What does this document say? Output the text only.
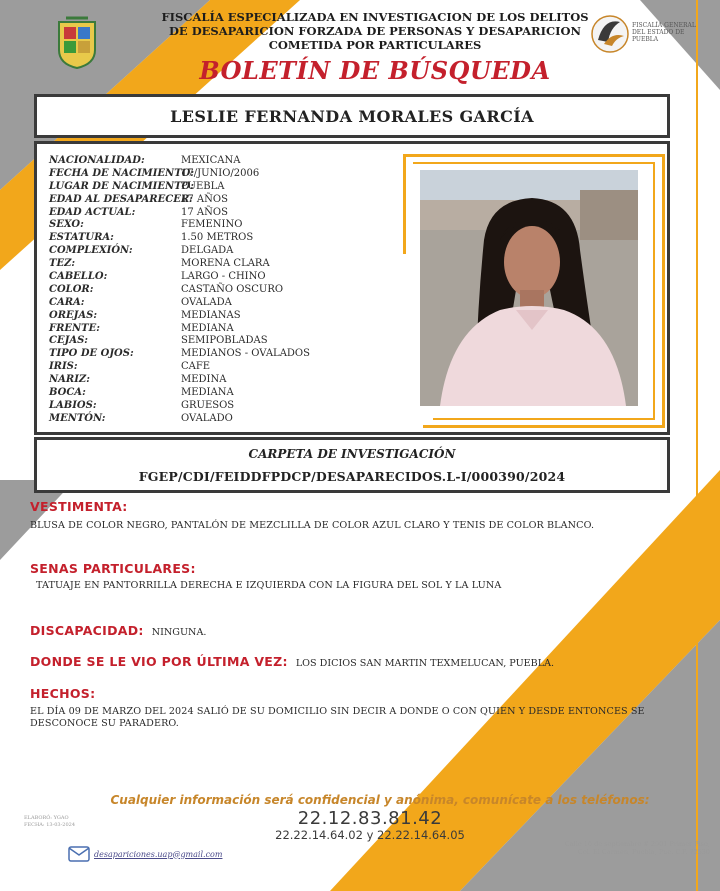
FISCALÍA ESPECIALIZADA EN INVESTIGACION DE LOS DELITOS
DE DESAPARICION FORZADA DE PERSONAS Y DESAPARICION
COMETIDA POR PARTICULARES
BOLETÍN DE BÚSQUEDA
FISCALÍA GENERAL DEL ESTADO DE PUEBLA
LESLIE FERNANDA MORALES GARCÍA
NACIONALIDAD:	MEXICANA
FECHA DE NACIMIENTO:
17/JUNIO/2006
LUGAR DE NACIMIENTO:
PUEBLA
EDAD AL DESAPARECER:
17 AÑOS
EDAD ACTUAL:	17 AÑOS
SEXO:	FEMENINO
ESTATURA:	1.50 METROS
COMPLEXIÓN:	DELGADA
TEZ:	MORENA CLARA
CABELLO:	LARGO - CHINO
COLOR:	CASTAÑO OSCURO
CARA:	OVALADA
OREJAS:	MEDIANAS
FRENTE:	MEDIANA
CEJAS:	SEMIPOBLADAS
TIPO DE OJOS:	MEDIANOS - OVALADOS
IRIS:	CAFE
NARIZ:	MEDINA
BOCA:	MEDIANA
LABIOS:	GRUESOS
MENTÓN:	OVALADO
CARPETA DE INVESTIGACIÓN
FGEP/CDI/FEIDDFPDCP/DESAPARECIDOS.L-I/000390/2024
VESTIMENTA:
BLUSA DE COLOR NEGRO, PANTALÓN DE MEZCLILLA DE COLOR AZUL CLARO Y TENIS DE COLOR BLANCO.
SENAS PARTICULARES:
TATUAJE EN PANTORRILLA DERECHA E IZQUIERDA CON LA FIGURA DEL SOL Y LA LUNA
DISCAPACIDAD: NINGUNA.
DONDE SE LE VIO POR ÚLTIMA VEZ: LOS DICIOS SAN MARTIN TEXMELUCAN, PUEBLA.
HECHOS:
EL DÍA 09 DE MARZO DEL 2024 SALIÓ DE SU DOMICILIO SIN DECIR A DONDE O CON QUIEN Y DESDE ENTONCES SE
DESCONOCE SU PARADERO.
Cualquier información será confidencial y anónima, comunícate a los teléfonos:
22.12.83.81.42
22.22.14.64.02 y 22.22.14.64.05
ELABORÓ: YGAO
FECHA: 13-03-2024
desapariciones.uap@gmail.com
Calle 16 de septiembre # 2901 Primer Piso,
Col. El Carmen, Puebla, Pue. C.P. 72530
